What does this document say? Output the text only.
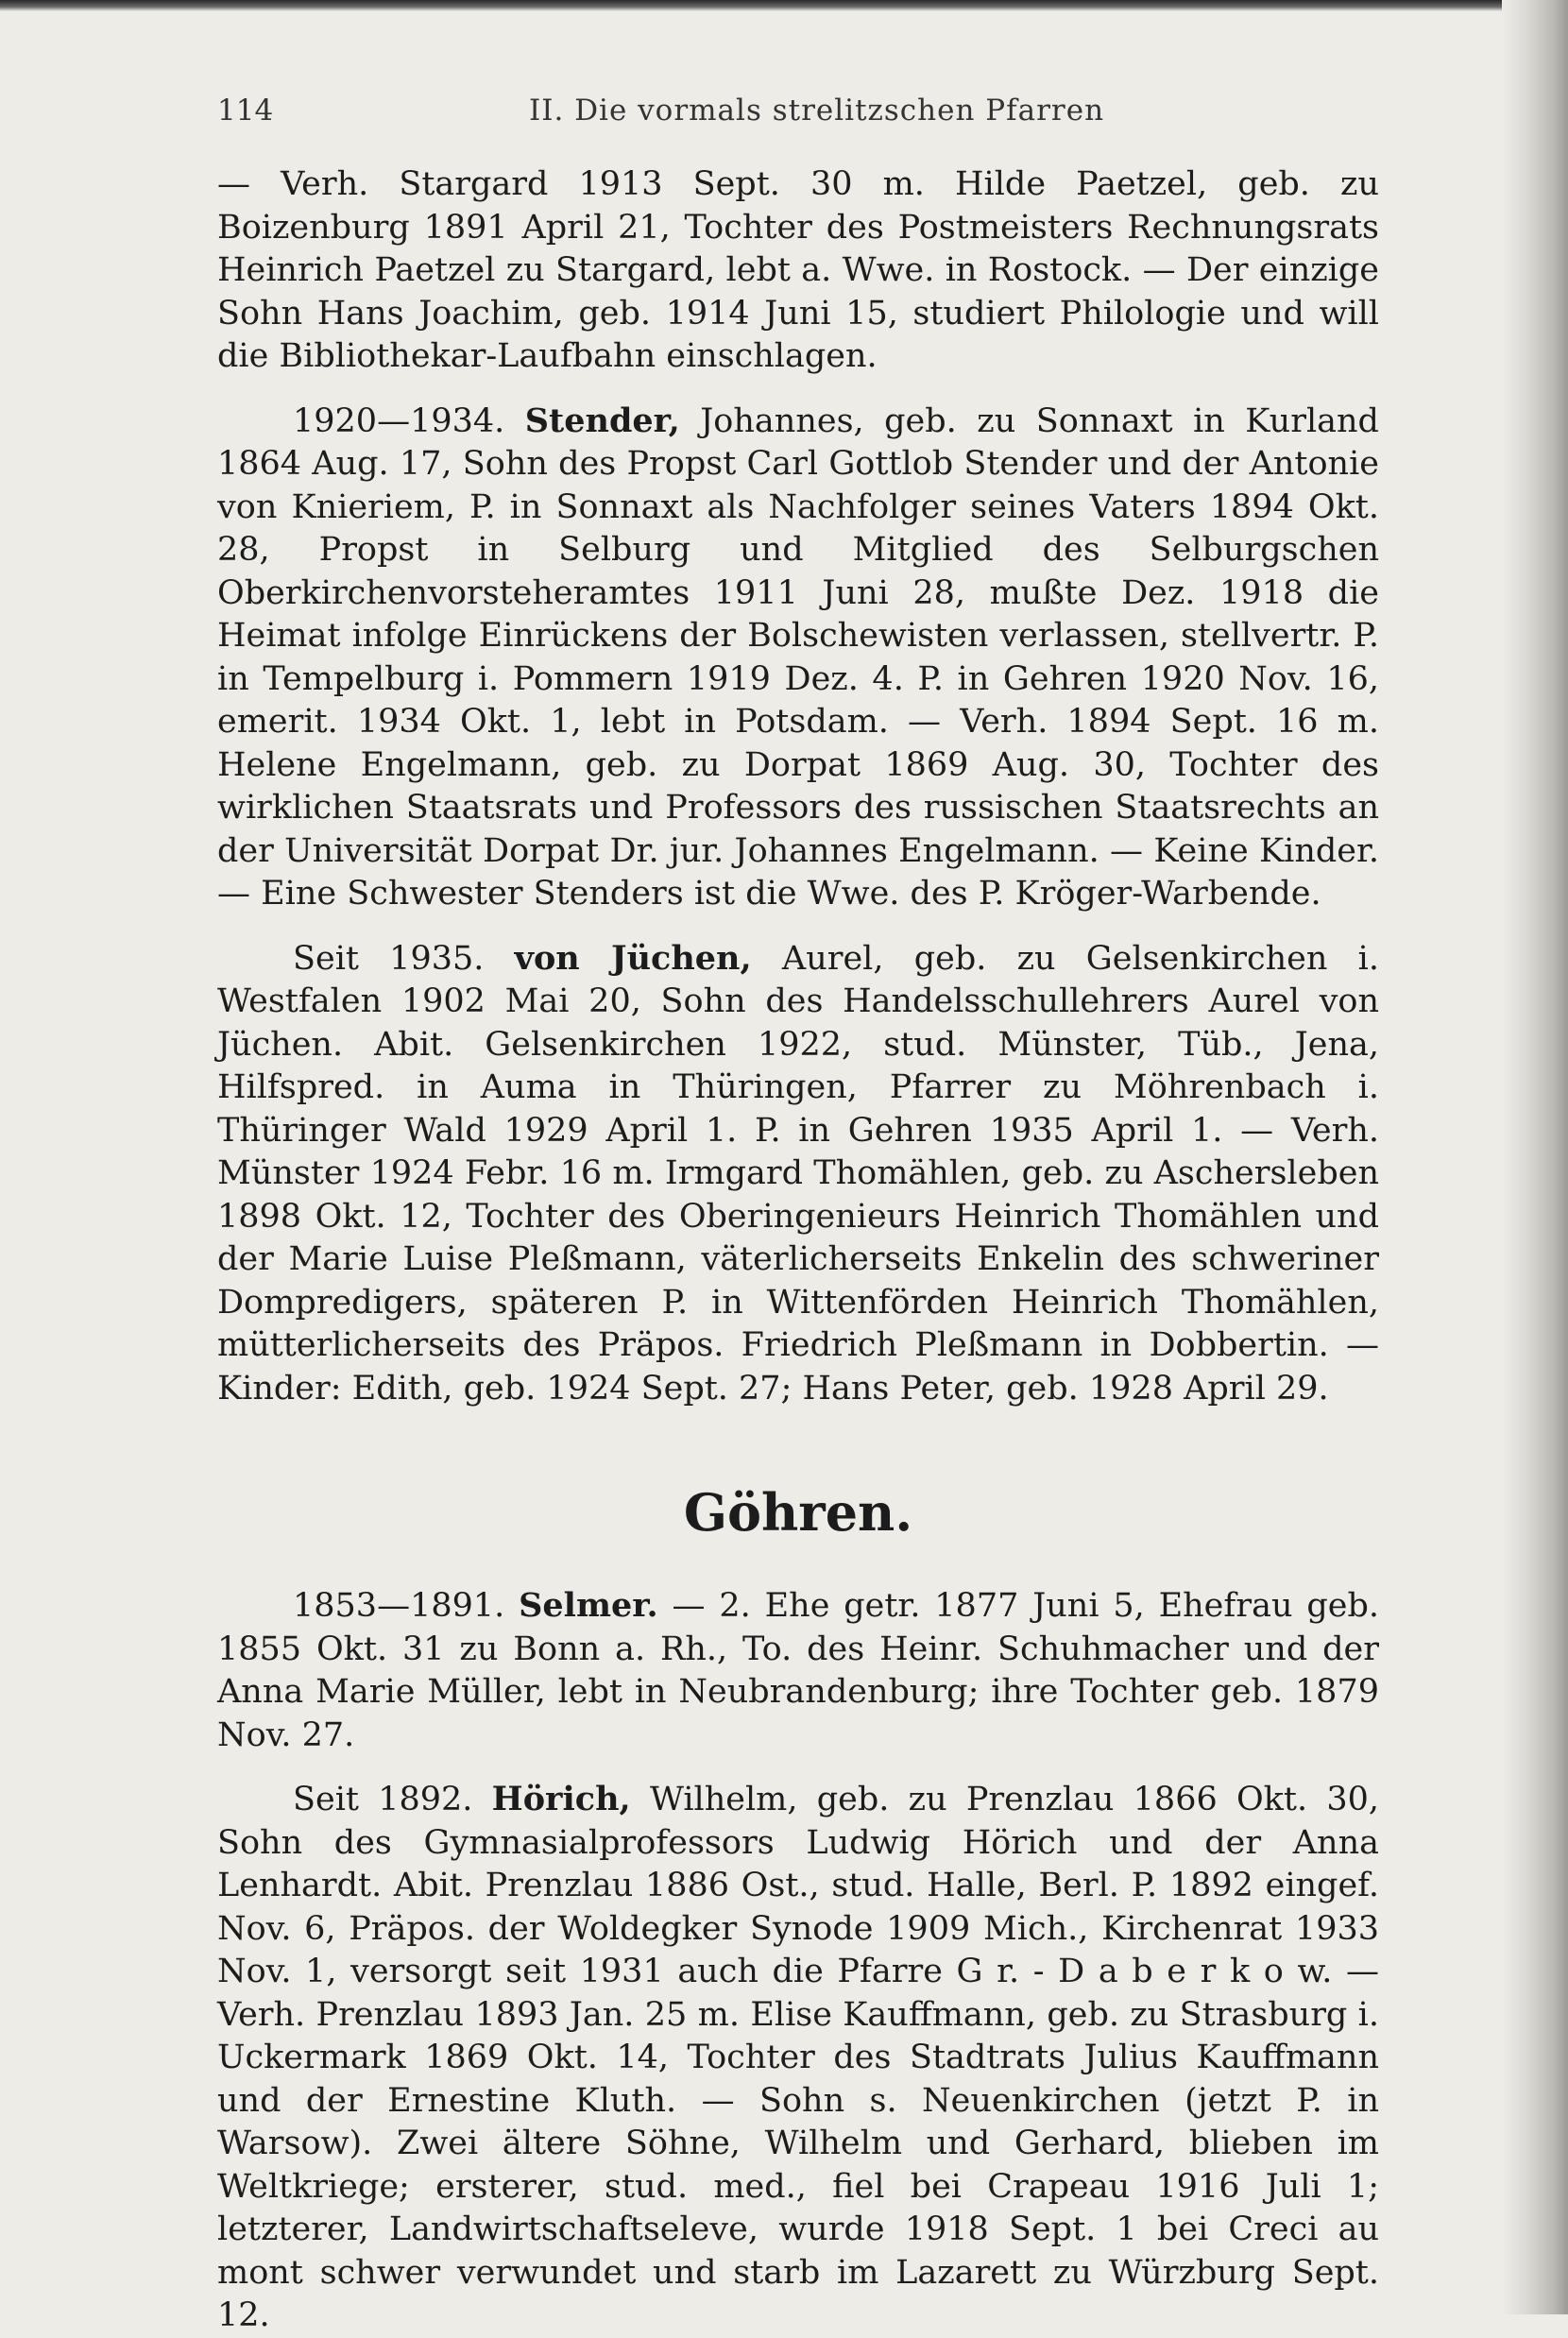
114	II. Die vormals strelitzschen Pfarren

— Verh. Stargard 1913 Sept. 30 m. Hilde Paetzel, geb. zu Boizenburg 1891 April 21, Tochter des Postmeisters Rechnungsrats Heinrich Paetzel zu Stargard, lebt a. Wwe. in Rostock. — Der einzige Sohn Hans Joachim, geb. 1914 Juni 15, studiert Philologie und will die Bibliothekar-Laufbahn einschlagen.

1920—1934. Stender, Johannes, geb. zu Sonnaxt in Kurland 1864 Aug. 17, Sohn des Propst Carl Gottlob Stender und der Antonie von Knieriem, P. in Sonnaxt als Nachfolger seines Vaters 1894 Okt. 28, Propst in Selburg und Mitglied des Selburgschen Oberkirchenvorsteheramtes 1911 Juni 28, mußte Dez. 1918 die Heimat infolge Einrückens der Bolschewisten verlassen, stellvertr. P. in Tempelburg i. Pommern 1919 Dez. 4. P. in Gehren 1920 Nov. 16, emerit. 1934 Okt. 1, lebt in Potsdam. — Verh. 1894 Sept. 16 m. Helene Engelmann, geb. zu Dorpat 1869 Aug. 30, Tochter des wirklichen Staatsrats und Professors des russischen Staatsrechts an der Universität Dorpat Dr. jur. Johannes Engelmann. — Keine Kinder. — Eine Schwester Stenders ist die Wwe. des P. Kröger-Warbende.

Seit 1935. von Jüchen, Aurel, geb. zu Gelsenkirchen i. Westfalen 1902 Mai 20, Sohn des Handelsschullehrers Aurel von Jüchen. Abit. Gelsenkirchen 1922, stud. Münster, Tüb., Jena, Hilfspred. in Auma in Thüringen, Pfarrer zu Möhrenbach i. Thüringer Wald 1929 April 1. P. in Gehren 1935 April 1. — Verh. Münster 1924 Febr. 16 m. Irmgard Thomählen, geb. zu Aschersleben 1898 Okt. 12, Tochter des Oberingenieurs Heinrich Thomählen und der Marie Luise Pleßmann, väterlicherseits Enkelin des schweriner Dompredigers, späteren P. in Wittenförden Heinrich Thomählen, mütterlicherseits des Präpos. Friedrich Pleßmann in Dobbertin. — Kinder: Edith, geb. 1924 Sept. 27; Hans Peter, geb. 1928 April 29.

Göhren.

1853—1891. Selmer. — 2. Ehe getr. 1877 Juni 5, Ehefrau geb. 1855 Okt. 31 zu Bonn a. Rh., To. des Heinr. Schuhmacher und der Anna Marie Müller, lebt in Neubrandenburg; ihre Tochter geb. 1879 Nov. 27.

Seit 1892. Hörich, Wilhelm, geb. zu Prenzlau 1866 Okt. 30, Sohn des Gymnasialprofessors Ludwig Hörich und der Anna Lenhardt. Abit. Prenzlau 1886 Ost., stud. Halle, Berl. P. 1892 eingef. Nov. 6, Präpos. der Woldegker Synode 1909 Mich., Kirchenrat 1933 Nov. 1, versorgt seit 1931 auch die Pfarre G r. - D a b e r k o w. — Verh. Prenzlau 1893 Jan. 25 m. Elise Kauffmann, geb. zu Strasburg i. Uckermark 1869 Okt. 14, Tochter des Stadtrats Julius Kauffmann und der Ernestine Kluth. — Sohn s. Neuenkirchen (jetzt P. in Warsow). Zwei ältere Söhne, Wilhelm und Gerhard, blieben im Weltkriege; ersterer, stud. med., fiel bei Crapeau 1916 Juli 1; letzterer, Landwirtschaftseleve, wurde 1918 Sept. 1 bei Creci au mont schwer verwundet und starb im Lazarett zu Würzburg Sept. 12.
